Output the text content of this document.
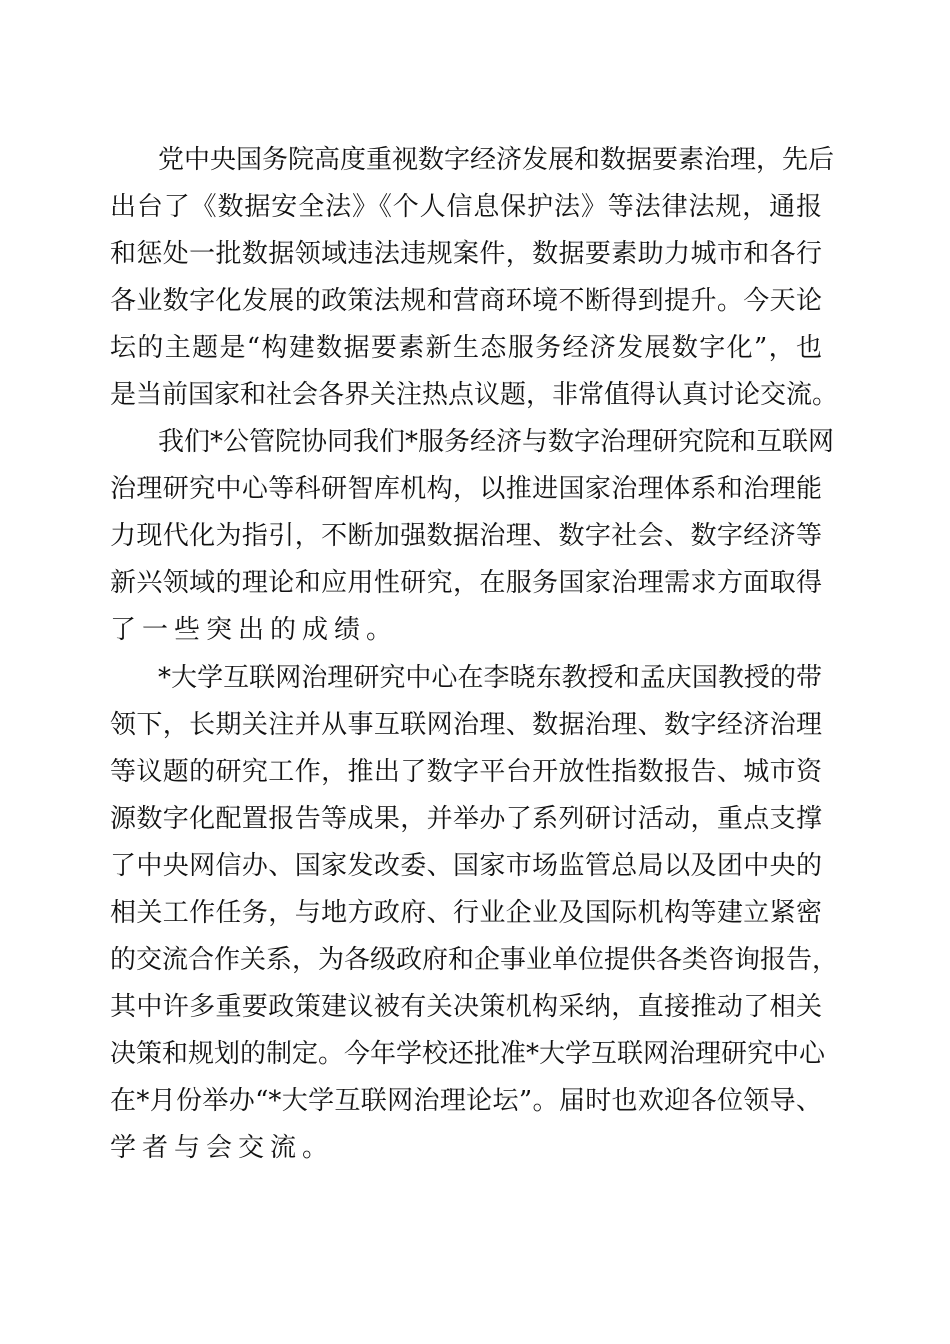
党中央国务院高度重视数字经济发展和数据要素治理，先后
出台了《数据安全法》《个人信息保护法》等法律法规，通报
和惩处一批数据领域违法违规案件，数据要素助力城市和各行
各业数字化发展的政策法规和营商环境不断得到提升。今天论
坛的主题是“构建数据要素新生态服务经济发展数字化”，也
是当前国家和社会各界关注热点议题，非常值得认真讨论交流。
我们*公管院协同我们*服务经济与数字治理研究院和互联网
治理研究中心等科研智库机构，以推进国家治理体系和治理能
力现代化为指引，不断加强数据治理、数字社会、数字经济等
新兴领域的理论和应用性研究，在服务国家治理需求方面取得
了一些突出的成绩。
*大学互联网治理研究中心在李晓东教授和孟庆国教授的带
领下，长期关注并从事互联网治理、数据治理、数字经济治理
等议题的研究工作，推出了数字平台开放性指数报告、城市资
源数字化配置报告等成果，并举办了系列研讨活动，重点支撑
了中央网信办、国家发改委、国家市场监管总局以及团中央的
相关工作任务，与地方政府、行业企业及国际机构等建立紧密
的交流合作关系，为各级政府和企事业单位提供各类咨询报告，
其中许多重要政策建议被有关决策机构采纳，直接推动了相关
决策和规划的制定。今年学校还批准*大学互联网治理研究中心
在*月份举办“*大学互联网治理论坛”。届时也欢迎各位领导、
学者与会交流。
